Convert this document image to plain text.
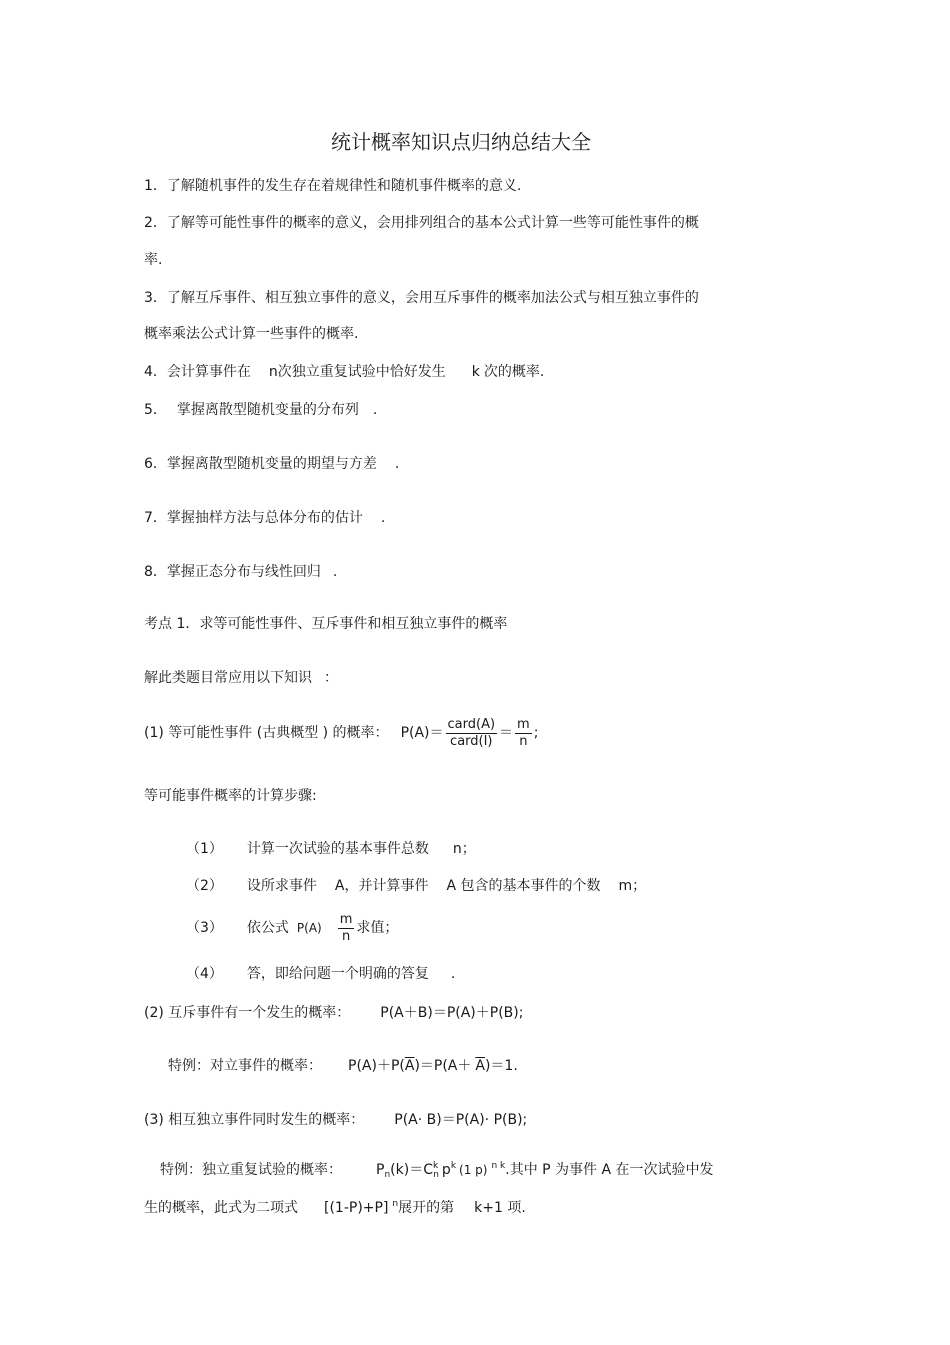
统计概率知识点归纳总结大全
1．了解随机事件的发生存在着规律性和随机事件概率的意义.
2．了解等可能性事件的概率的意义，会用排列组合的基本公式计算一些等可能性事件的概
率.
3．了解互斥事件、相互独立事件的意义，会用互斥事件的概率加法公式与相互独立事件的
概率乘法公式计算一些事件的概率.
4．会计算事件在 n次独立重复试验中恰好发生 k 次的概率.
5． 掌握离散型随机变量的分布列 .
6．掌握离散型随机变量的期望与方差 .
7．掌握抽样方法与总体分布的估计 .
8．掌握正态分布与线性回归 .
考点 1．求等可能性事件、互斥事件和相互独立事件的概率
解此类题目常应用以下知识 ：
(1) 等可能性事件 (古典概型 ) 的概率： $P(A)= \frac{\text{card(A)}}{\text{card(I)}} = \frac{m}{n}$ ;
等可能事件概率的计算步骤:
（1） 计算一次试验的基本事件总数 n；
（2） 设所求事件 A，并计算事件 A 包含的基本事件的个数 m；
（3） 依公式 $P(A) \frac{m}{n}$ 求值；
（4） 答，即给问题一个明确的答复 .
(2) 互斥事件有一个发生的概率： P(A＋B)＝P(A)＋P(B);
特例：对立事件的概率： $P(A)+P(\overline{A})=P(A+ \overline{A})=1$.
(3) 相互独立事件同时发生的概率： P(A· B)＝P(A)· P(B);
特例：独立重复试验的概率： $P_n(k)=C^k_n$ $p^k$ (1 p) $^{n k}$.其中 P 为事件 A 在一次试验中发
生的概率，此式为二项式 [(1-P)+P] $^n$展开的第 k+1 项.
